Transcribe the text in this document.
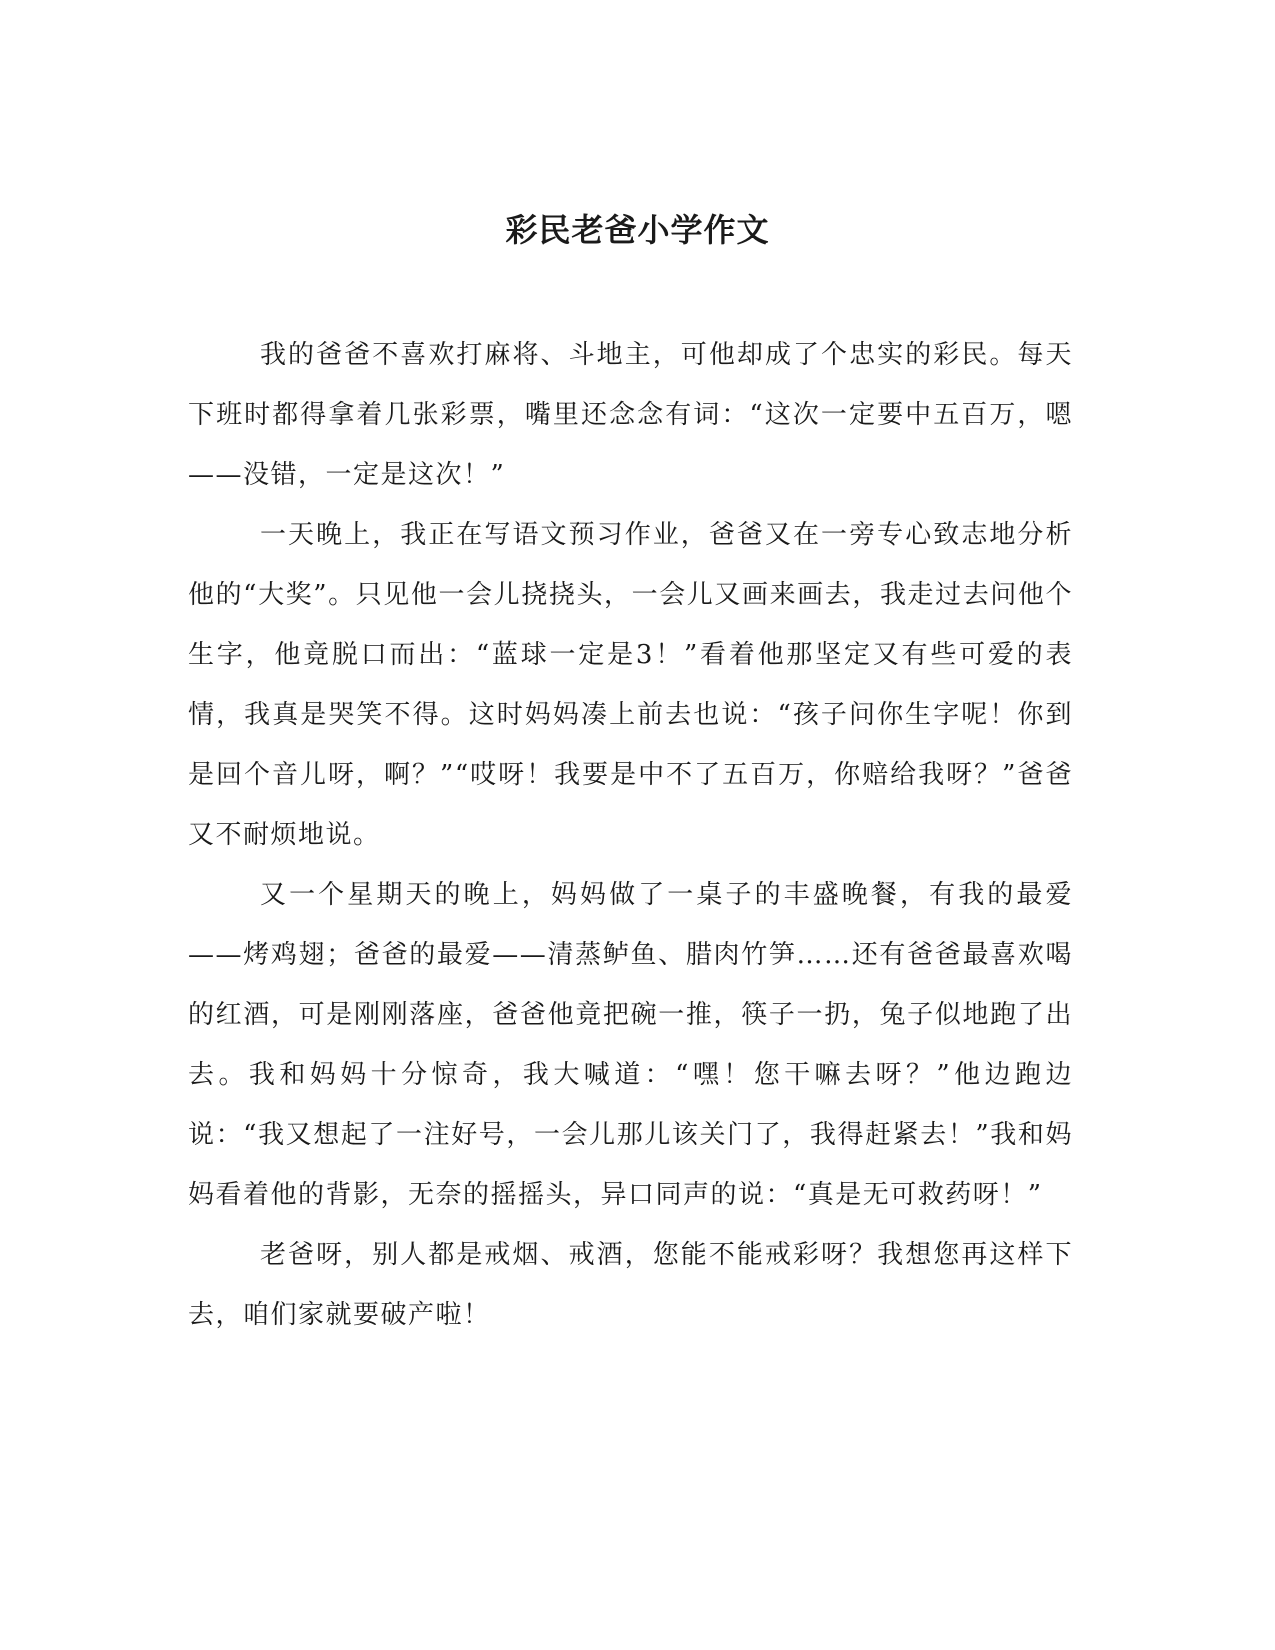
彩民老爸小学作文

我的爸爸不喜欢打麻将、斗地主，可他却成了个忠实的彩民。每天下班时都得拿着几张彩票，嘴里还念念有词：“这次一定要中五百万，嗯——没错，一定是这次！”

一天晚上，我正在写语文预习作业，爸爸又在一旁专心致志地分析他的“大奖”。只见他一会儿挠挠头，一会儿又画来画去，我走过去问他个生字，他竟脱口而出：“蓝球一定是3！”看着他那坚定又有些可爱的表情，我真是哭笑不得。这时妈妈凑上前去也说：“孩子问你生字呢！你到是回个音儿呀，啊？”“哎呀！我要是中不了五百万，你赔给我呀？”爸爸又不耐烦地说。

又一个星期天的晚上，妈妈做了一桌子的丰盛晚餐，有我的最爱——烤鸡翅；爸爸的最爱——清蒸鲈鱼、腊肉竹笋……还有爸爸最喜欢喝的红酒，可是刚刚落座，爸爸他竟把碗一推，筷子一扔，兔子似地跑了出去。我和妈妈十分惊奇，我大喊道：“嘿！您干嘛去呀？”他边跑边说：“我又想起了一注好号，一会儿那儿该关门了，我得赶紧去！”我和妈妈看着他的背影，无奈的摇摇头，异口同声的说：“真是无可救药呀！”

老爸呀，别人都是戒烟、戒酒，您能不能戒彩呀？我想您再这样下去，咱们家就要破产啦！
